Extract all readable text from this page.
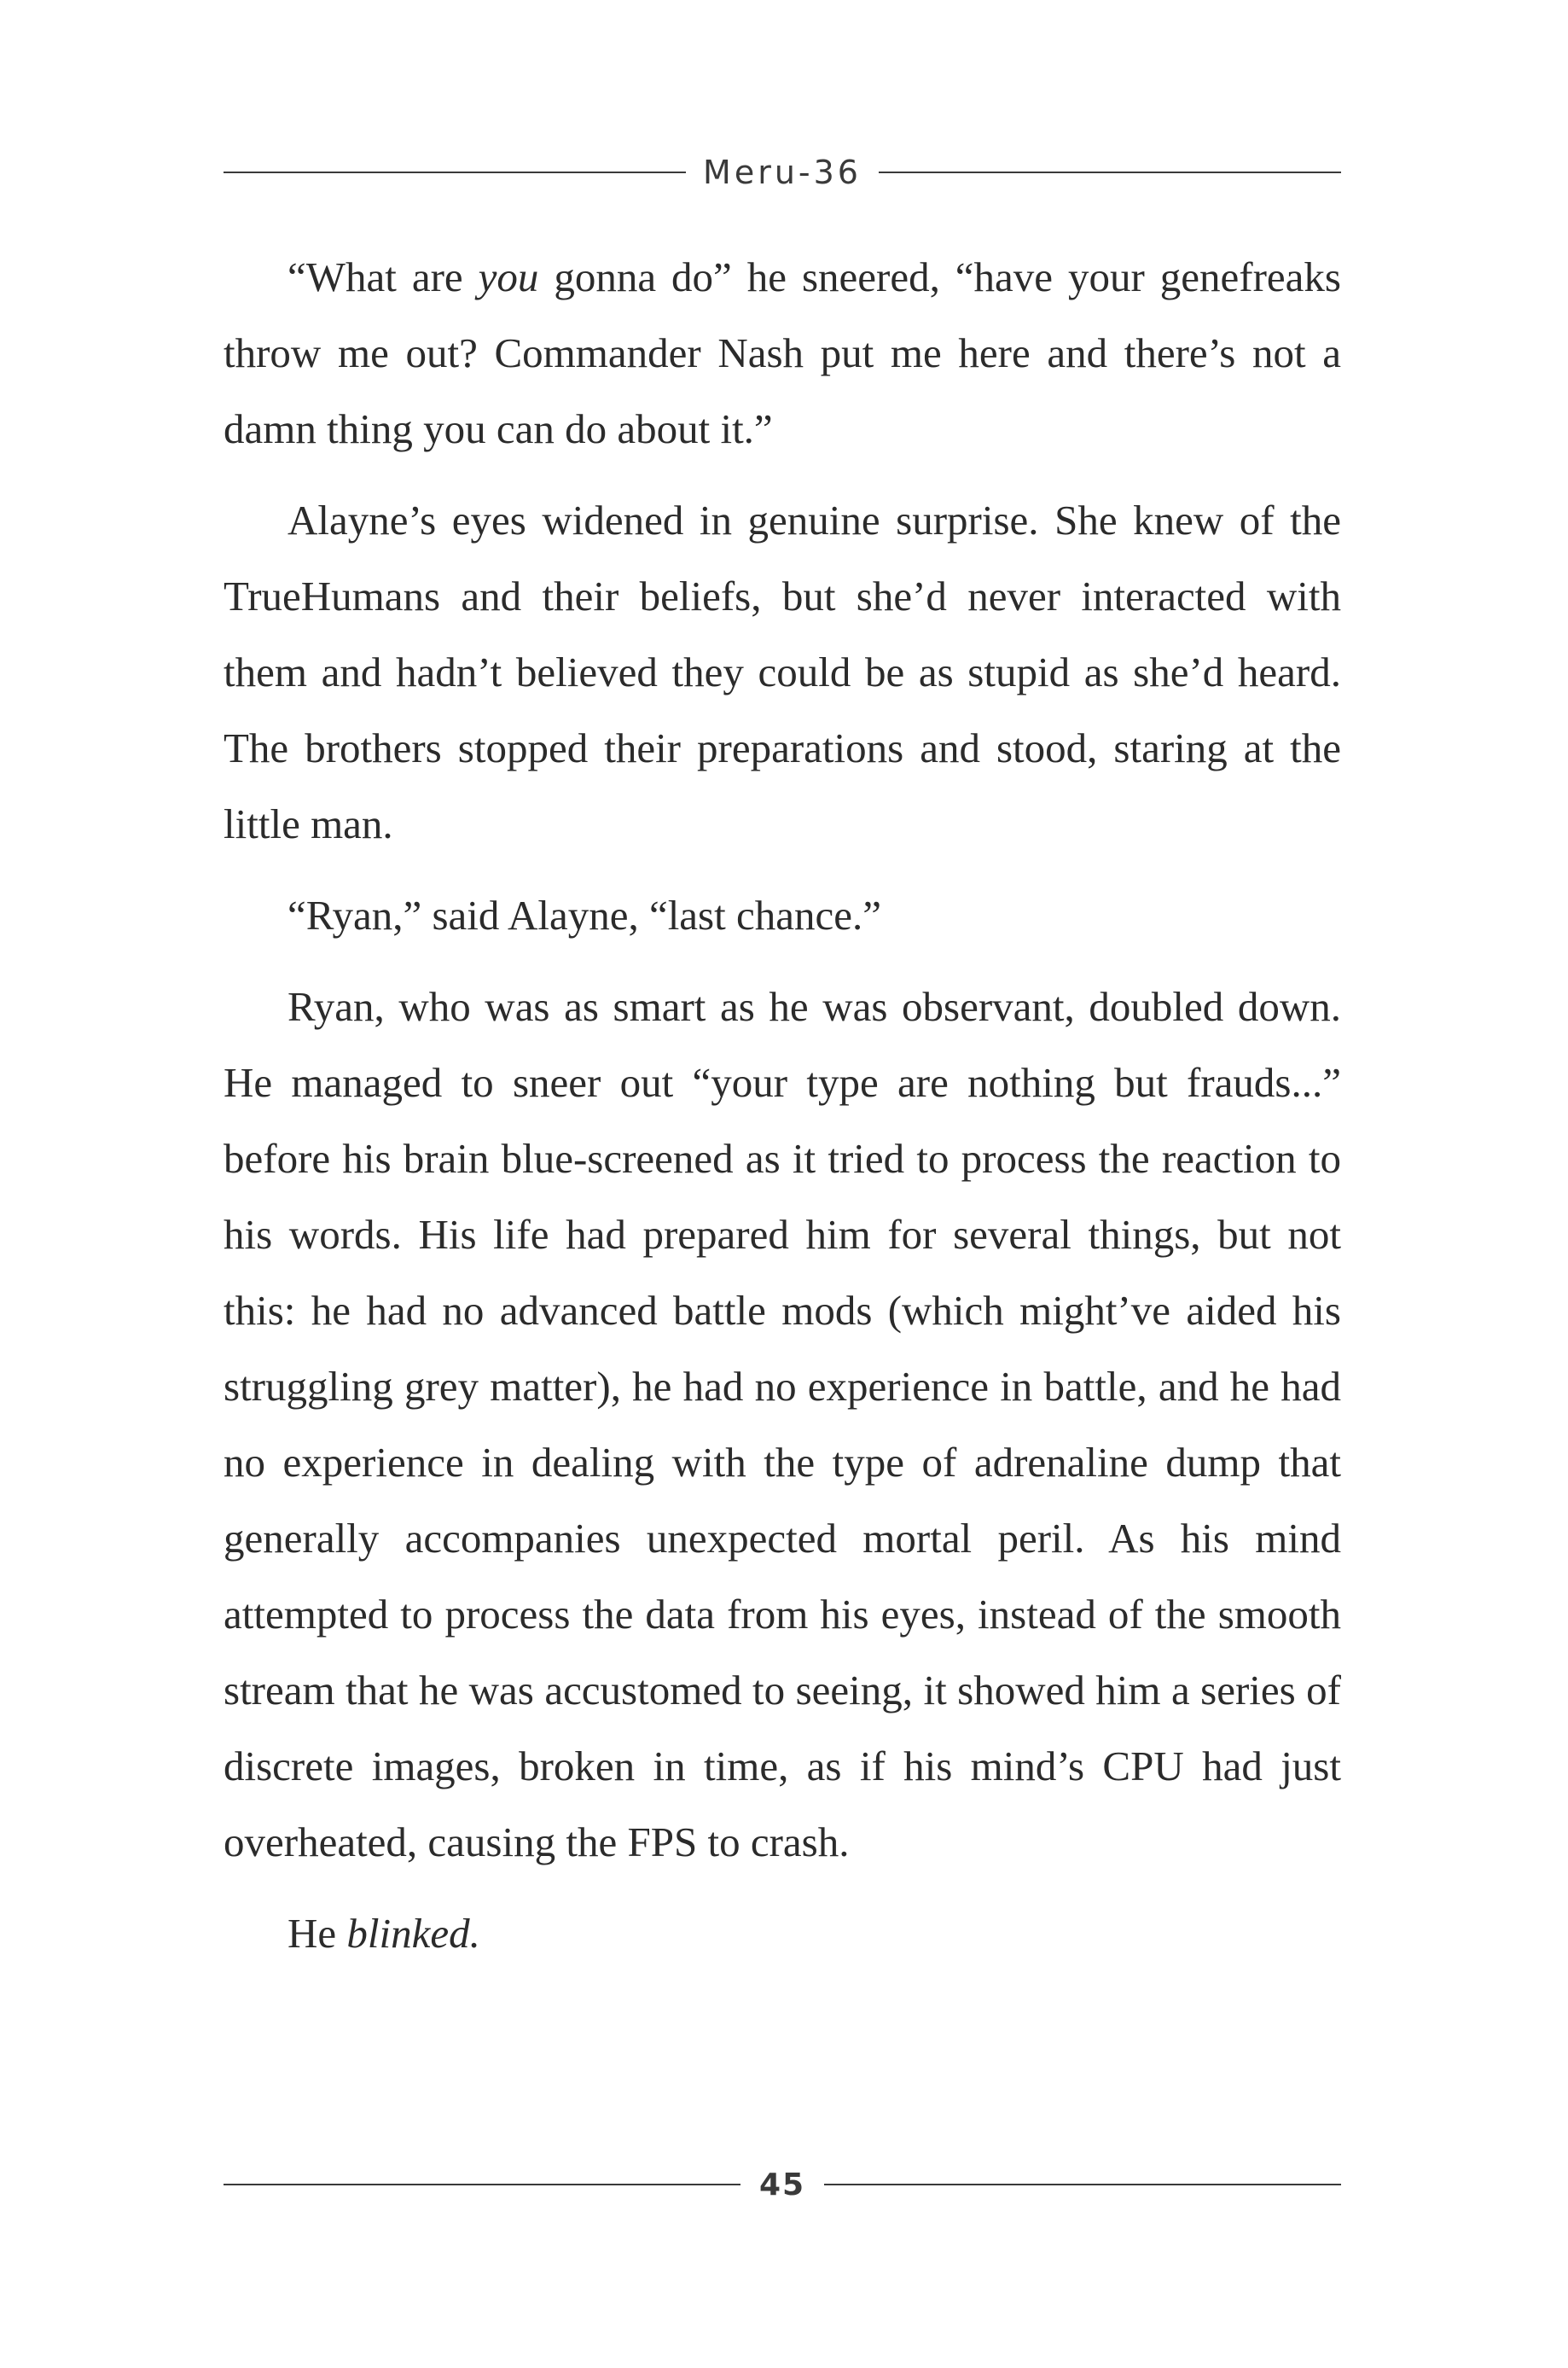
Meru-36

“What are you gonna do” he sneered, “have your genefreaks throw me out? Commander Nash put me here and there’s not a damn thing you can do about it.”

Alayne’s eyes widened in genuine surprise. She knew of the TrueHumans and their beliefs, but she’d never interacted with them and hadn’t believed they could be as stupid as she’d heard. The brothers stopped their preparations and stood, staring at the little man.

“Ryan,” said Alayne, “last chance.”

Ryan, who was as smart as he was observant, doubled down. He managed to sneer out “your type are nothing but frauds...” before his brain blue-screened as it tried to process the reaction to his words. His life had prepared him for several things, but not this: he had no advanced battle mods (which might’ve aided his struggling grey matter), he had no experience in battle, and he had no experience in dealing with the type of adrenaline dump that generally accompanies unexpected mortal peril. As his mind attempted to process the data from his eyes, instead of the smooth stream that he was accustomed to seeing, it showed him a series of discrete images, broken in time, as if his mind’s CPU had just overheated, causing the FPS to crash.

He blinked.

45
